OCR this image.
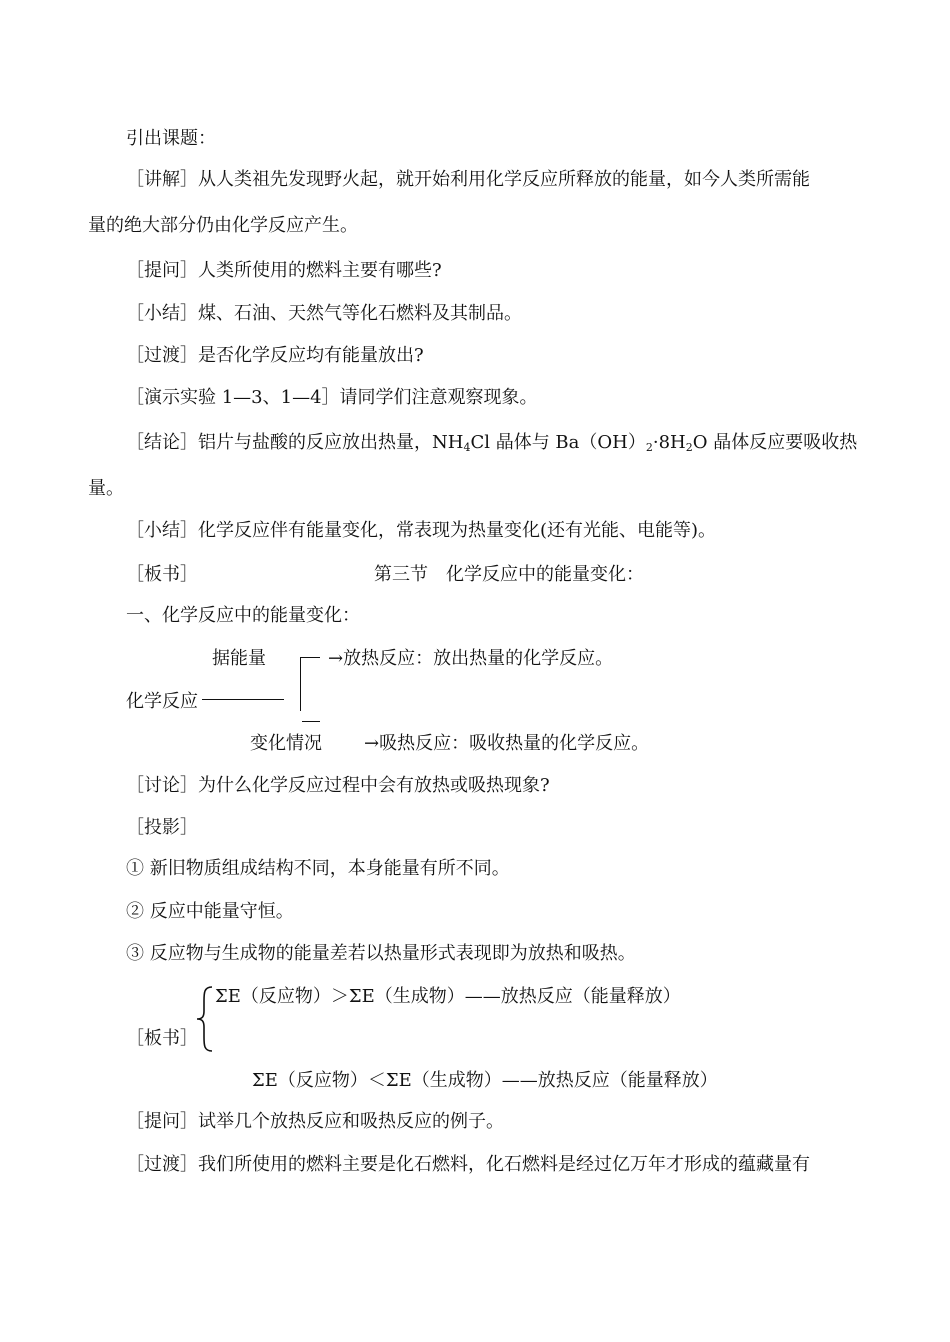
引出课题：
［讲解］从人类祖先发现野火起，就开始利用化学反应所释放的能量，如今人类所需能
量的绝大部分仍由化学反应产生。
［提问］人类所使用的燃料主要有哪些?
［小结］煤、石油、天然气等化石燃料及其制品。
［过渡］是否化学反应均有能量放出?
［演示实验 1—3、1—4］请同学们注意观察现象。
［结论］铝片与盐酸的反应放出热量，$NH_4Cl$ 晶体与 $Ba(OH)_2\cdot 8H_2O$ 晶体反应要吸收热
量。
［小结］化学反应伴有能量变化，常表现为热量变化(还有光能、电能等)。
［板书］	第三节　化学反应中的能量变化：
一、化学反应中的能量变化：
据能量
化学反应
变化情况
→放热反应：放出热量的化学反应。
→吸热反应：吸收热量的化学反应。
［讨论］为什么化学反应过程中会有放热或吸热现象?
［投影］
① 新旧物质组成结构不同，本身能量有所不同。
② 反应中能量守恒。
③ 反应物与生成物的能量差若以热量形式表现即为放热和吸热。
［板书］
ΣE（反应物）＞ΣE（生成物）——放热反应（能量释放）
ΣE（反应物）＜ΣE（生成物）——放热反应（能量释放）
［提问］试举几个放热反应和吸热反应的例子。
［过渡］我们所使用的燃料主要是化石燃料，化石燃料是经过亿万年才形成的蕴藏量有
